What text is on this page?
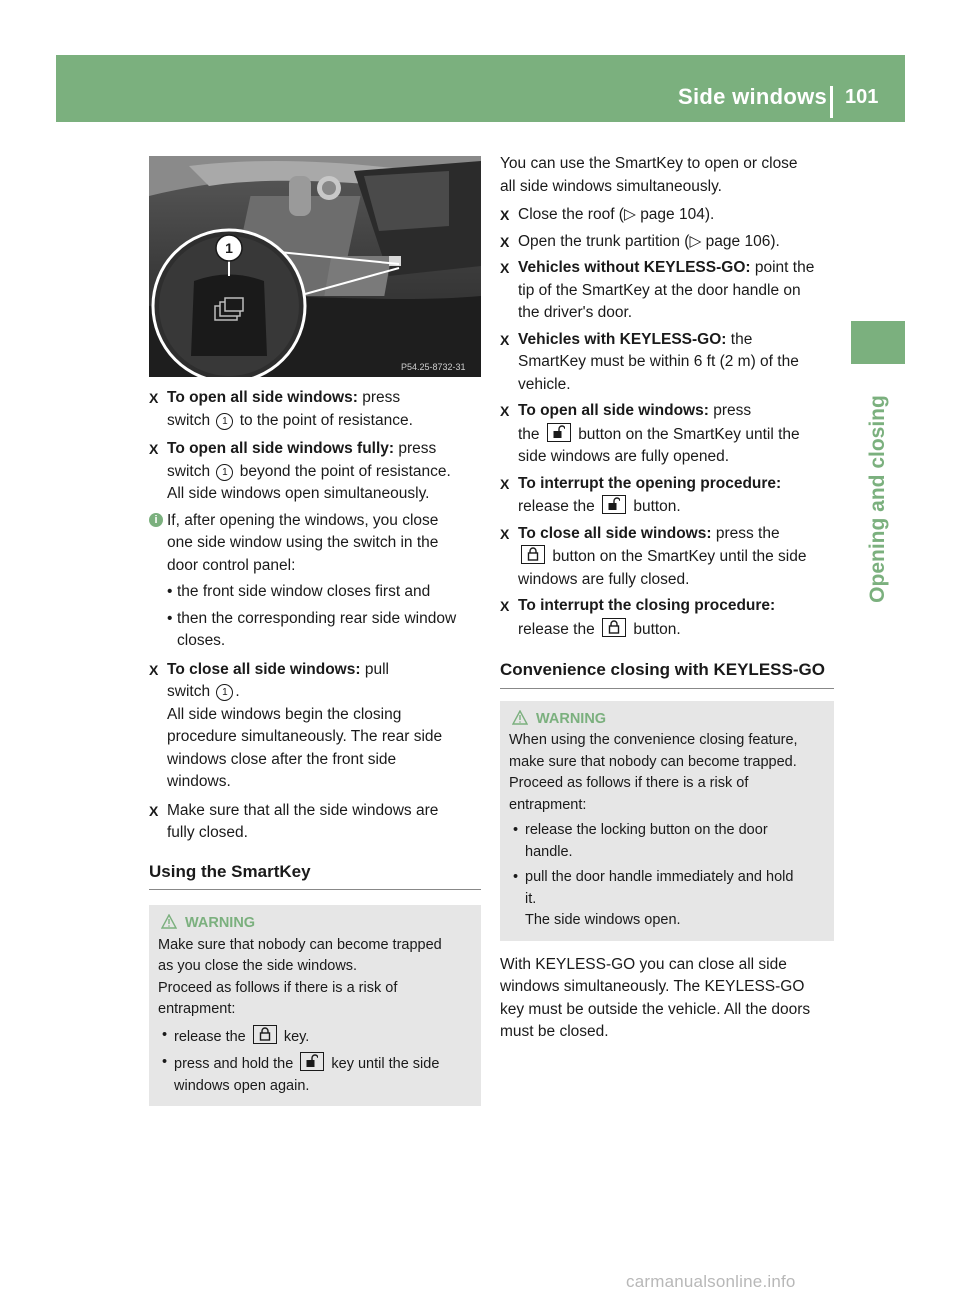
Side windows 101
Opening and closing
1
P54.25-8732-31
X To open all side windows: press
switch 1 to the point of resistance.
X To open all side windows fully: press
switch 1 beyond the point of resistance.
All side windows open simultaneously.
i If, after opening the windows, you close
one side window using the switch in the
door control panel:
• the front side window closes first and
• then the corresponding rear side window
closes.
X To close all side windows: pull
switch 1 .
All side windows begin the closing
procedure simultaneously. The rear side
windows close after the front side
windows.
X Make sure that all the side windows are
fully closed.
Using the SmartKey
WARNING

Make sure that nobody can become trapped
as you close the side windows.

Proceed as follows if there is a risk of
entrapment:

• release the	key.
• press and hold the	key until the side
windows open again.

You can use the SmartKey to open or close
all side windows simultaneously.

X Close the roof (▷ page 104).
X Open the trunk partition (▷ page 106).
X Vehicles without KEYLESS-GO: point the
tip of the SmartKey at the door handle on
the driver's door.
X Vehicles with KEYLESS-GO: the
SmartKey must be within 6 ft (2 m) of the
vehicle.
X To open all side windows: press
the button on the SmartKey until the
side windows are fully opened.
X To interrupt the opening procedure:
release the button.
X To close all side windows: press the

button on the SmartKey until the side
windows are fully closed.
X To interrupt the closing procedure:
release the button.
Convenience closing with KEYLESS-GO
WARNING

When using the convenience closing feature,
make sure that nobody can become trapped.

Proceed as follows if there is a risk of
entrapment:

• release the locking button on the door
handle.
• pull the door handle immediately and hold
it.
The side windows open.

With KEYLESS-GO you can close all side
windows simultaneously. The KEYLESS-GO
key must be outside the vehicle. All the doors
must be closed.

carmanualsonline.info
